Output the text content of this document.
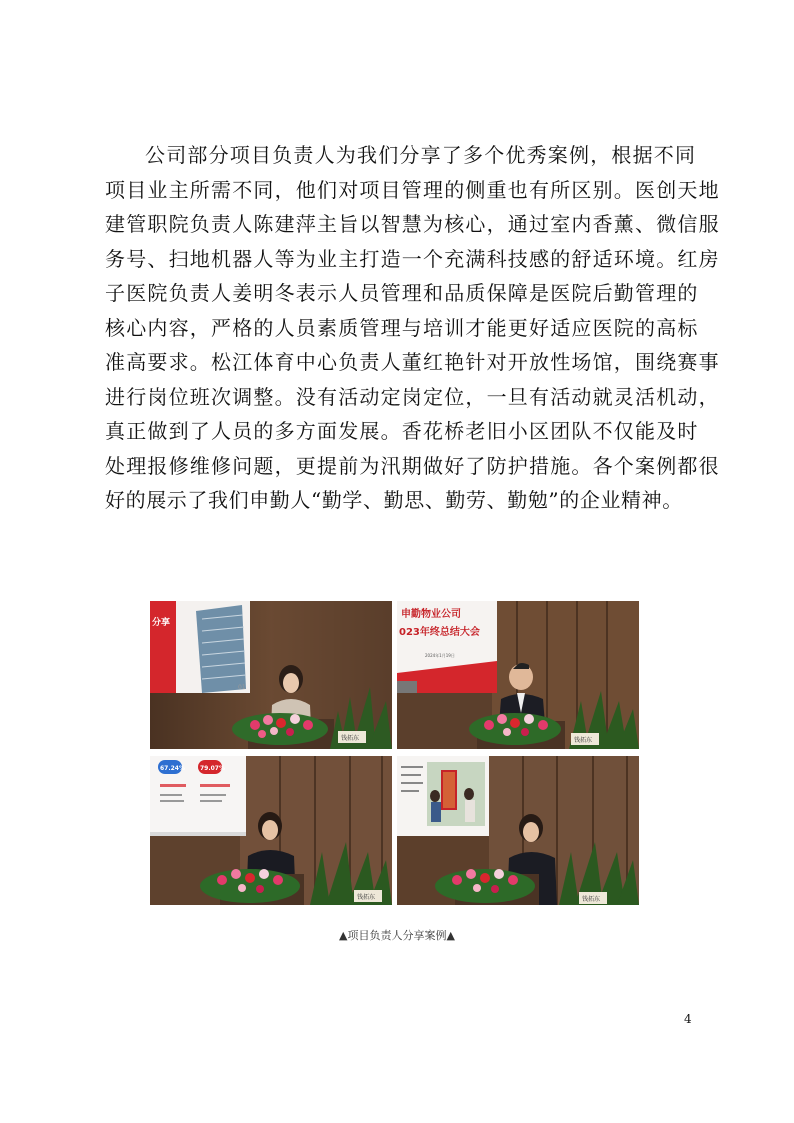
公司部分项目负责人为我们分享了多个优秀案例，根据不同
项目业主所需不同，他们对项目管理的侧重也有所区别。医创天地
建管职院负责人陈建萍主旨以智慧为核心，通过室内香薰、微信服
务号、扫地机器人等为业主打造一个充满科技感的舒适环境。红房
子医院负责人姜明冬表示人员管理和品质保障是医院后勤管理的
核心内容，严格的人员素质管理与培训才能更好适应医院的高标
准高要求。松江体育中心负责人董红艳针对开放性场馆，围绕赛事
进行岗位班次调整。没有活动定岗定位，一旦有活动就灵活机动，
真正做到了人员的多方面发展。香花桥老旧小区团队不仅能及时
处理报修维修问题，更提前为汛期做好了防护措施。各个案例都很
好的展示了我们申勤人“勤学、勤思、勤劳、勤勉”的企业精神。
分享
01
钱拓东
申勤物业公司
023年终总结大会
2024年1月19日
钱拓东
67.24%	79.07%
钱拓东	钱拓东
▲项目负责人分享案例▲
4
